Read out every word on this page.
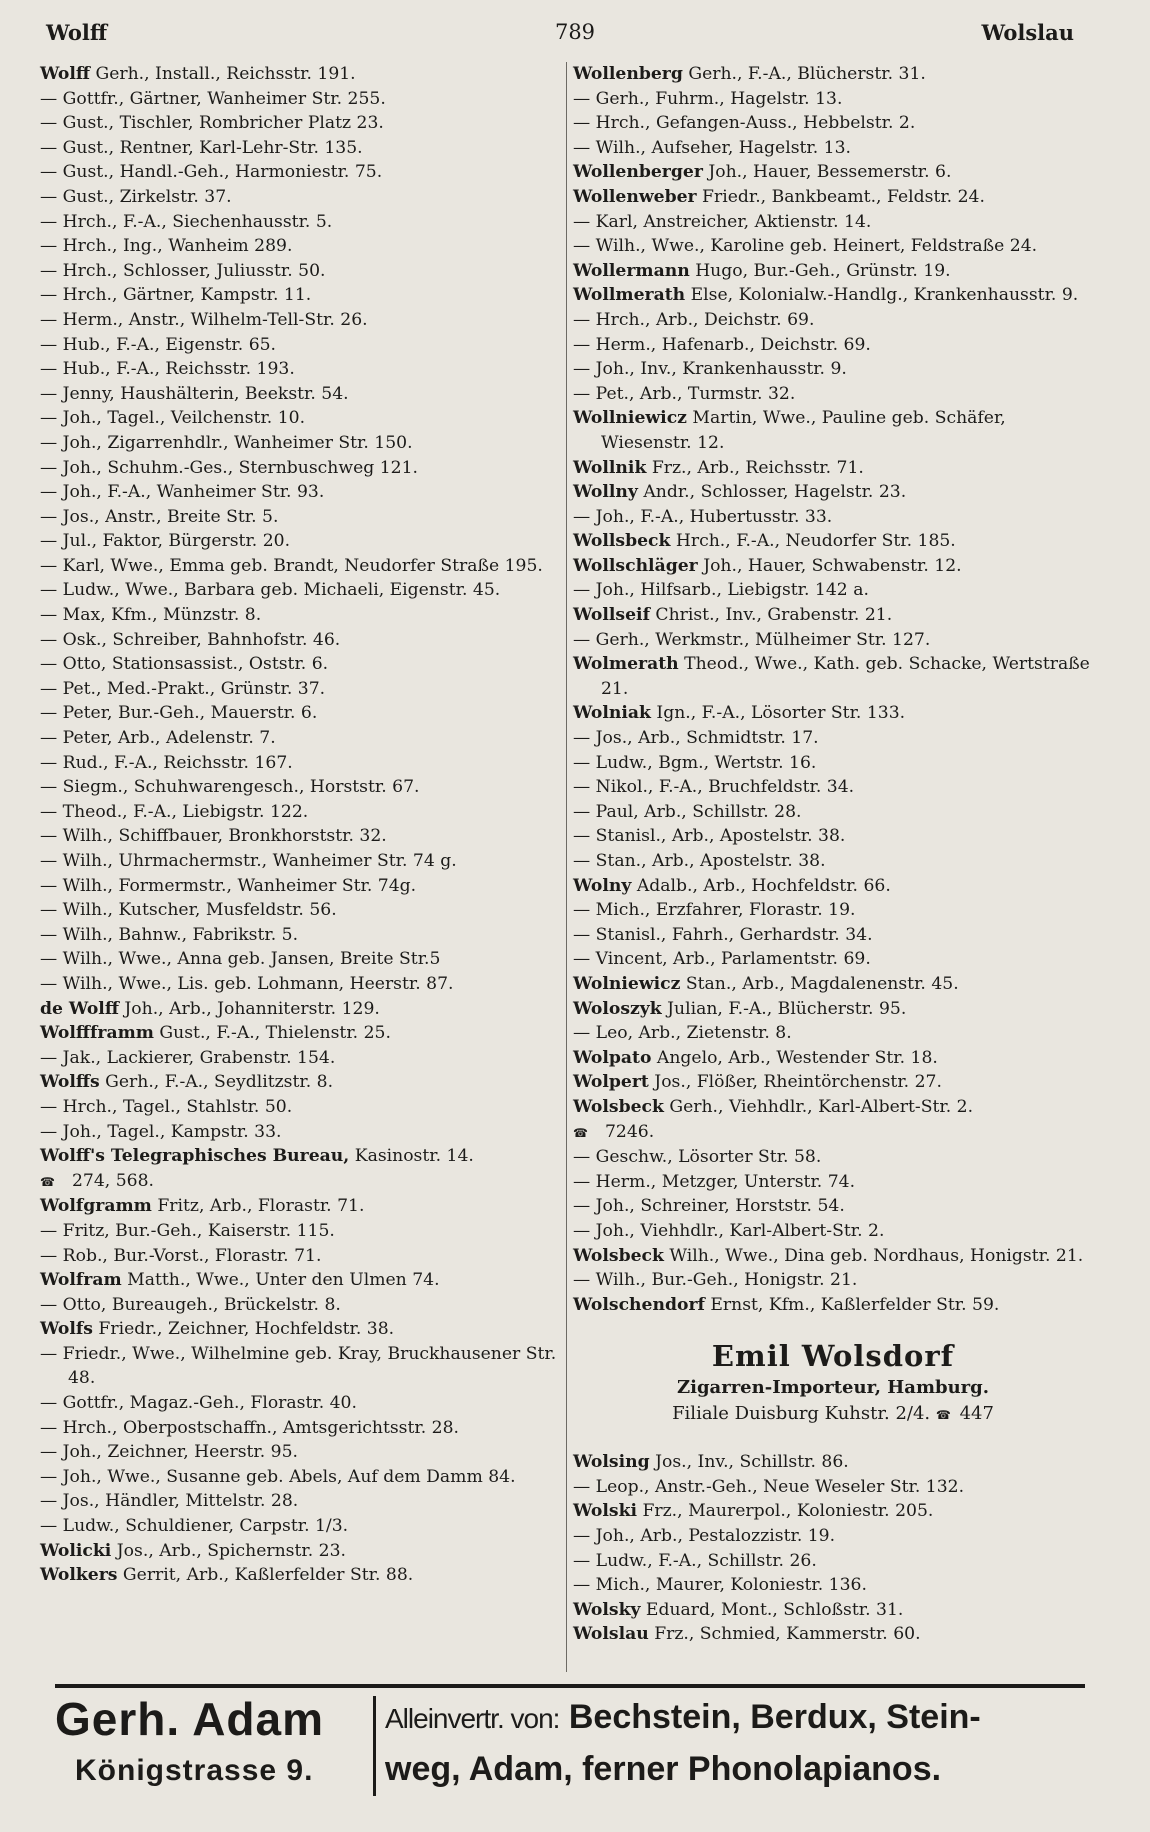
Wolff	789	Wolslau
Wolff Gerh., Install., Reichsstr. 191.
— Gottfr., Gärtner, Wanheimer Str. 255.
— Gust., Tischler, Rombricher Platz 23.
— Gust., Rentner, Karl-Lehr-Str. 135.
— Gust., Handl.-Geh., Harmoniestr. 75.
— Gust., Zirkelstr. 37.
— Hrch., F.-A., Siechenhausstr. 5.
— Hrch., Ing., Wanheim 289.
— Hrch., Schlosser, Juliusstr. 50.
— Hrch., Gärtner, Kampstr. 11.
— Herm., Anstr., Wilhelm-Tell-Str. 26.
— Hub., F.-A., Eigenstr. 65.
— Hub., F.-A., Reichsstr. 193.
— Jenny, Haushälterin, Beekstr. 54.
— Joh., Tagel., Veilchenstr. 10.
— Joh., Zigarrenhdlr., Wanheimer Str. 150.
— Joh., Schuhm.-Ges., Sternbuschweg 121.
— Joh., F.-A., Wanheimer Str. 93.
— Jos., Anstr., Breite Str. 5.
— Jul., Faktor, Bürgerstr. 20.
— Karl, Wwe., Emma geb. Brandt, Neudorfer Straße 195.
— Ludw., Wwe., Barbara geb. Michaeli, Eigenstr. 45.
— Max, Kfm., Münzstr. 8.
— Osk., Schreiber, Bahnhofstr. 46.
— Otto, Stationsassist., Oststr. 6.
— Pet., Med.-Prakt., Grünstr. 37.
— Peter, Bur.-Geh., Mauerstr. 6.
— Peter, Arb., Adelenstr. 7.
— Rud., F.-A., Reichsstr. 167.
— Siegm., Schuhwarengesch., Horststr. 67.
— Theod., F.-A., Liebigstr. 122.
— Wilh., Schiffbauer, Bronkhorststr. 32.
— Wilh., Uhrmachermstr., Wanheimer Str. 74 g.
— Wilh., Formermstr., Wanheimer Str. 74g.
— Wilh., Kutscher, Musfeldstr. 56.
— Wilh., Bahnw., Fabrikstr. 5.
— Wilh., Wwe., Anna geb. Jansen, Breite Str.5
— Wilh., Wwe., Lis. geb. Lohmann, Heerstr. 87.
de Wolff Joh., Arb., Johanniterstr. 129.
Wolffframm Gust., F.-A., Thielenstr. 25.
— Jak., Lackierer, Grabenstr. 154.
Wolffs Gerh., F.-A., Seydlitzstr. 8.
— Hrch., Tagel., Stahlstr. 50.
— Joh., Tagel., Kampstr. 33.
Wolff's Telegraphisches Bureau, Kasinostr. 14.
☎ 274, 568.
Wolfgramm Fritz, Arb., Florastr. 71.
— Fritz, Bur.-Geh., Kaiserstr. 115.
— Rob., Bur.-Vorst., Florastr. 71.
Wolfram Matth., Wwe., Unter den Ulmen 74.
— Otto, Bureaugeh., Brückelstr. 8.
Wolfs Friedr., Zeichner, Hochfeldstr. 38.
— Friedr., Wwe., Wilhelmine geb. Kray, Bruckhausener Str. 48.
— Gottfr., Magaz.-Geh., Florastr. 40.
— Hrch., Oberpostschaffn., Amtsgerichtsstr. 28.
— Joh., Zeichner, Heerstr. 95.
— Joh., Wwe., Susanne geb. Abels, Auf dem Damm 84.
— Jos., Händler, Mittelstr. 28.
— Ludw., Schuldiener, Carpstr. 1/3.
Wolicki Jos., Arb., Spichernstr. 23.
Wolkers Gerrit, Arb., Kaßlerfelder Str. 88.
Wollenberg Gerh., F.-A., Blücherstr. 31.
— Gerh., Fuhrm., Hagelstr. 13.
— Hrch., Gefangen-Auss., Hebbelstr. 2.
— Wilh., Aufseher, Hagelstr. 13.
Wollenberger Joh., Hauer, Bessemerstr. 6.
Wollenweber Friedr., Bankbeamt., Feldstr. 24.
— Karl, Anstreicher, Aktienstr. 14.
— Wilh., Wwe., Karoline geb. Heinert, Feldstraße 24.
Wollermann Hugo, Bur.-Geh., Grünstr. 19.
Wollmerath Else, Kolonialw.-Handlg., Krankenhausstr. 9.
— Hrch., Arb., Deichstr. 69.
— Herm., Hafenarb., Deichstr. 69.
— Joh., Inv., Krankenhausstr. 9.
— Pet., Arb., Turmstr. 32.
Wollniewicz Martin, Wwe., Pauline geb. Schäfer, Wiesenstr. 12.
Wollnik Frz., Arb., Reichsstr. 71.
Wollny Andr., Schlosser, Hagelstr. 23.
— Joh., F.-A., Hubertusstr. 33.
Wollsbeck Hrch., F.-A., Neudorfer Str. 185.
Wollschläger Joh., Hauer, Schwabenstr. 12.
— Joh., Hilfsarb., Liebigstr. 142 a.
Wollseif Christ., Inv., Grabenstr. 21.
— Gerh., Werkmstr., Mülheimer Str. 127.
Wolmerath Theod., Wwe., Kath. geb. Schacke, Wertstraße 21.
Wolniak Ign., F.-A., Lösorter Str. 133.
— Jos., Arb., Schmidtstr. 17.
— Ludw., Bgm., Wertstr. 16.
— Nikol., F.-A., Bruchfeldstr. 34.
— Paul, Arb., Schillstr. 28.
— Stanisl., Arb., Apostelstr. 38.
— Stan., Arb., Apostelstr. 38.
Wolny Adalb., Arb., Hochfeldstr. 66.
— Mich., Erzfahrer, Florastr. 19.
— Stanisl., Fahrh., Gerhardstr. 34.
— Vincent, Arb., Parlamentstr. 69.
Wolniewicz Stan., Arb., Magdalenenstr. 45.
Woloszyk Julian, F.-A., Blücherstr. 95.
— Leo, Arb., Zietenstr. 8.
Wolpato Angelo, Arb., Westender Str. 18.
Wolpert Jos., Flößer, Rheintörchenstr. 27.
Wolsbeck Gerh., Viehhdlr., Karl-Albert-Str. 2.
☎ 7246.
— Geschw., Lösorter Str. 58.
— Herm., Metzger, Unterstr. 74.
— Joh., Schreiner, Horststr. 54.
— Joh., Viehhdlr., Karl-Albert-Str. 2.
Wolsbeck Wilh., Wwe., Dina geb. Nordhaus, Honigstr. 21.
— Wilh., Bur.-Geh., Honigstr. 21.
Wolschendorf Ernst, Kfm., Kaßlerfelder Str. 59.
Emil Wolsdorf
Zigarren-Importeur, Hamburg.
Filiale Duisburg Kuhstr. 2/4. ☎ 447
Wolsing Jos., Inv., Schillstr. 86.
— Leop., Anstr.-Geh., Neue Weseler Str. 132.
Wolski Frz., Maurerpol., Koloniestr. 205.
— Joh., Arb., Pestalozzistr. 19.
— Ludw., F.-A., Schillstr. 26.
— Mich., Maurer, Koloniestr. 136.
Wolsky Eduard, Mont., Schloßstr. 31.
Wolslau Frz., Schmied, Kammerstr. 60.
Gerh. Adam
Königstrasse 9.
Alleinvertr. von: Bechstein, Berdux, Stein-
weg, Adam, ferner Phonolapianos.
